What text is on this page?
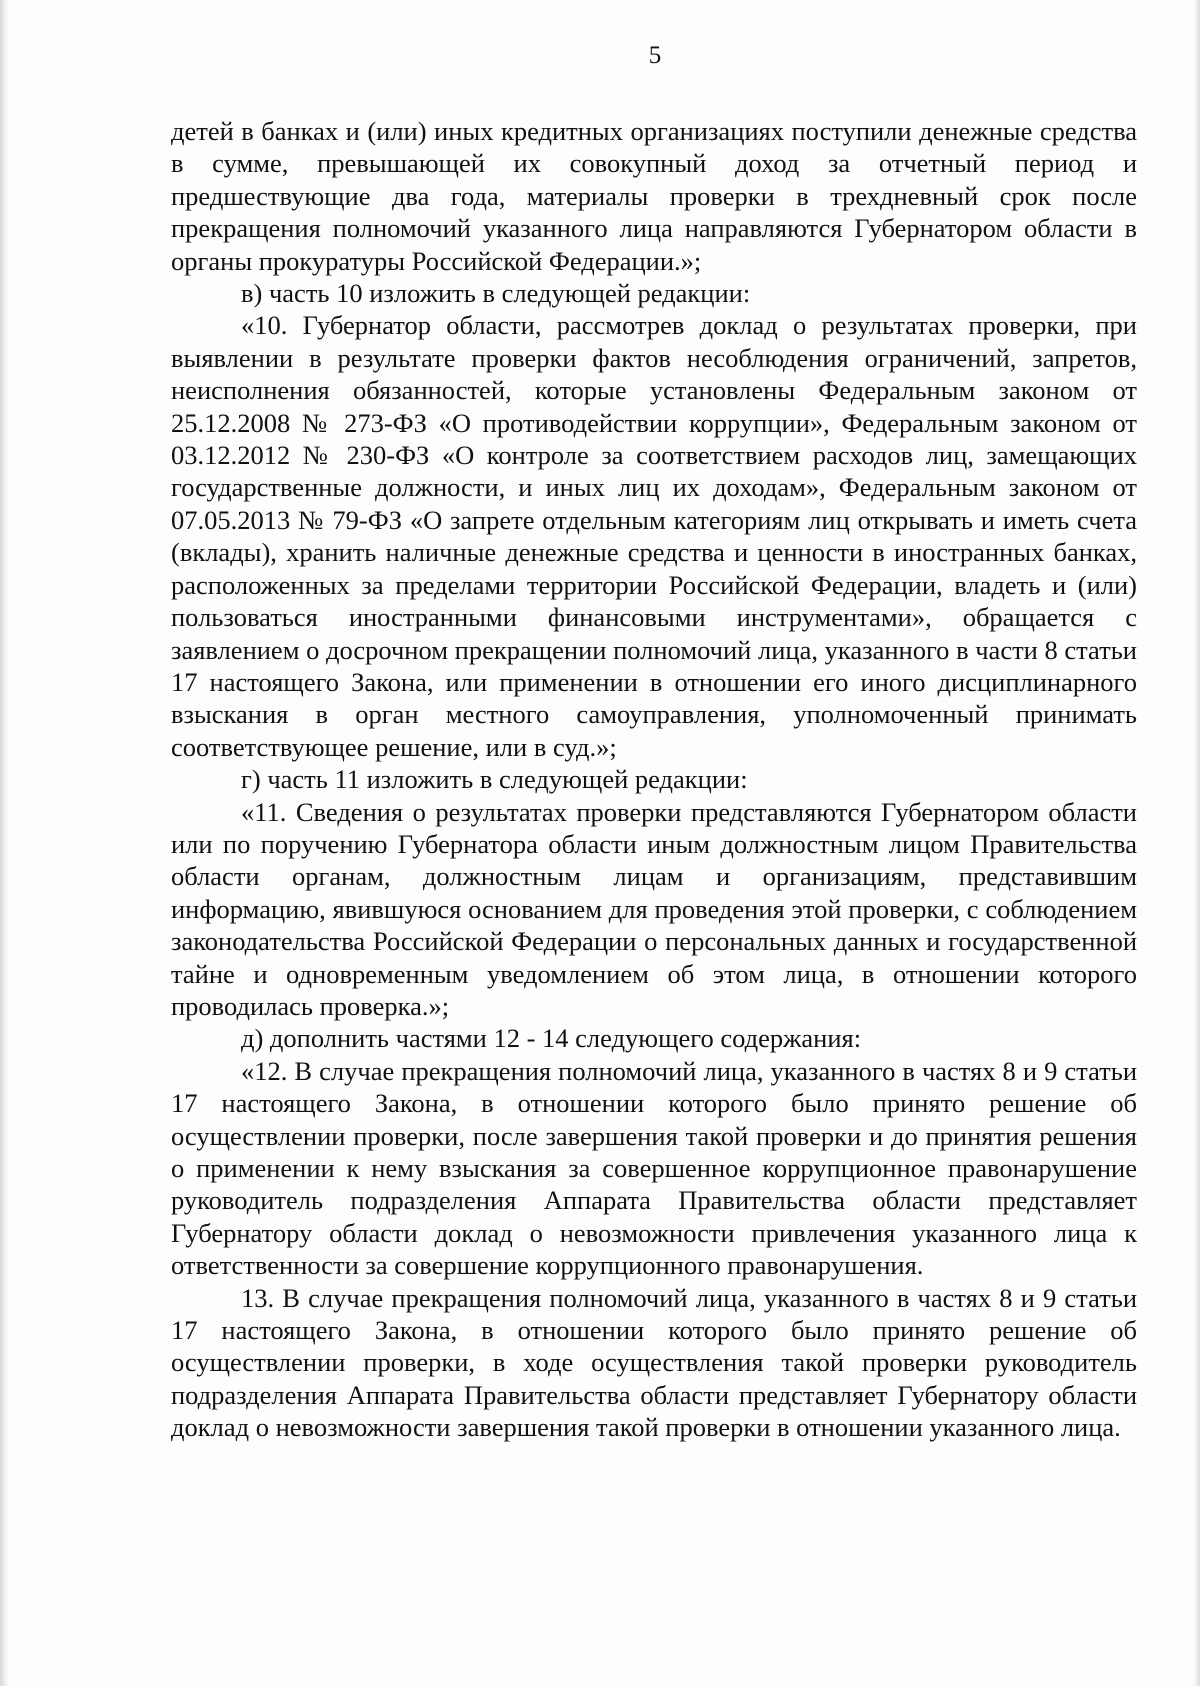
5

детей в банках и (или) иных кредитных организациях поступили денежные средства в сумме, превышающей их совокупный доход за отчетный период и предшествующие два года, материалы проверки в трехдневный срок после прекращения полномочий указанного лица направляются Губернатором области в органы прокуратуры Российской Федерации.»;

в) часть 10 изложить в следующей редакции:

«10. Губернатор области, рассмотрев доклад о результатах проверки, при выявлении в результате проверки фактов несоблюдения ограничений, запретов, неисполнения обязанностей, которые установлены Федеральным законом от 25.12.2008 № 273-ФЗ «О противодействии коррупции», Федеральным законом от 03.12.2012 № 230-ФЗ «О контроле за соответствием расходов лиц, замещающих государственные должности, и иных лиц их доходам», Федеральным законом от 07.05.2013 № 79-ФЗ «О запрете отдельным категориям лиц открывать и иметь счета (вклады), хранить наличные денежные средства и ценности в иностранных банках, расположенных за пределами территории Российской Федерации, владеть и (или) пользоваться иностранными финансовыми инструментами», обращается с заявлением о досрочном прекращении полномочий лица, указанного в части 8 статьи 17 настоящего Закона, или применении в отношении его иного дисциплинарного взыскания в орган местного самоуправления, уполномоченный принимать соответствующее решение, или в суд.»;

г) часть 11 изложить в следующей редакции:

«11. Сведения о результатах проверки представляются Губернатором области или по поручению Губернатора области иным должностным лицом Правительства области органам, должностным лицам и организациям, представившим информацию, явившуюся основанием для проведения этой проверки, с соблюдением законодательства Российской Федерации о персональных данных и государственной тайне и одновременным уведомлением об этом лица, в отношении которого проводилась проверка.»;

д) дополнить частями 12 - 14 следующего содержания:

«12. В случае прекращения полномочий лица, указанного в частях 8 и 9 статьи 17 настоящего Закона, в отношении которого было принято решение об осуществлении проверки, после завершения такой проверки и до принятия решения о применении к нему взыскания за совершенное коррупционное правонарушение руководитель подразделения Аппарата Правительства области представляет Губернатору области доклад о невозможности привлечения указанного лица к ответственности за совершение коррупционного правонарушения.

13. В случае прекращения полномочий лица, указанного в частях 8 и 9 статьи 17 настоящего Закона, в отношении которого было принято решение об осуществлении проверки, в ходе осуществления такой проверки руководитель подразделения Аппарата Правительства области представляет Губернатору области доклад о невозможности завершения такой проверки в отношении указанного лица.
